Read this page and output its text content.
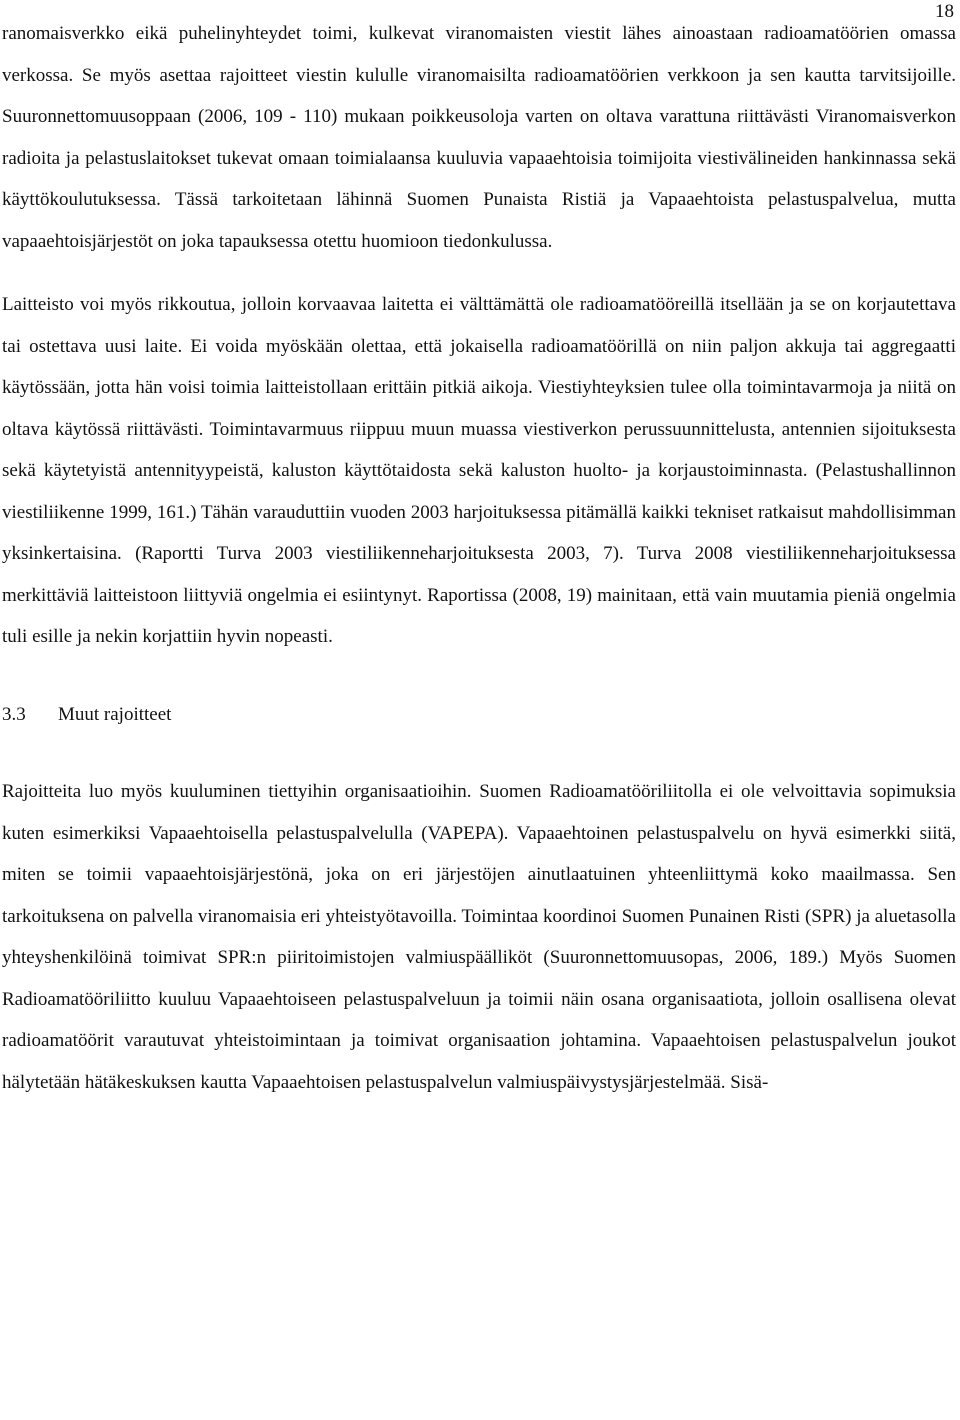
18

ranomaisverkko eikä puhelinyhteydet toimi, kulkevat viranomaisten viestit lähes ainoastaan radioamatöörien omassa verkossa. Se myös asettaa rajoitteet viestin kululle viranomaisilta radioamatöörien verkkoon ja sen kautta tarvitsijoille. Suuronnettomuusoppaan (2006, 109 - 110) mukaan poikkeusoloja varten on oltava varattuna riittävästi Viranomaisverkon radioita ja pelastuslaitokset tukevat omaan toimialaansa kuuluvia vapaaehtoisia toimijoita viestivälineiden hankinnassa sekä käyttökoulutuksessa. Tässä tarkoitetaan lähinnä Suomen Punaista Ristiä ja Vapaaehtoista pelastuspalvelua, mutta vapaaehtoisjärjestöt on joka tapauksessa otettu huomioon tiedonkulussa.

Laitteisto voi myös rikkoutua, jolloin korvaavaa laitetta ei välttämättä ole radioamatööreillä itsellään ja se on korjautettava tai ostettava uusi laite. Ei voida myöskään olettaa, että jokaisella radioamatöörillä on niin paljon akkuja tai aggregaatti käytössään, jotta hän voisi toimia laitteistollaan erittäin pitkiä aikoja. Viestiyhteyksien tulee olla toimintavarmoja ja niitä on oltava käytössä riittävästi. Toimintavarmuus riippuu muun muassa viestiverkon perussuunnittelusta, antennien sijoituksesta sekä käytetyistä antennityypeistä, kaluston käyttötaidosta sekä kaluston huolto- ja korjaustoiminnasta. (Pelastushallinnon viestiliikenne 1999, 161.) Tähän varauduttiin vuoden 2003 harjoituksessa pitämällä kaikki tekniset ratkaisut mahdollisimman yksinkertaisina. (Raportti Turva 2003 viestiliikenneharjoituksesta 2003, 7). Turva 2008 viestiliikenneharjoituksessa merkittäviä laitteistoon liittyviä ongelmia ei esiintynyt. Raportissa (2008, 19) mainitaan, että vain muutamia pieniä ongelmia tuli esille ja nekin korjattiin hyvin nopeasti.

3.3 Muut rajoitteet

Rajoitteita luo myös kuuluminen tiettyihin organisaatioihin. Suomen Radioamatööriliitolla ei ole velvoittavia sopimuksia kuten esimerkiksi Vapaaehtoisella pelastuspalvelulla (VAPEPA). Vapaaehtoinen pelastuspalvelu on hyvä esimerkki siitä, miten se toimii vapaaehtoisjärjestönä, joka on eri järjestöjen ainutlaatuinen yhteenliittymä koko maailmassa. Sen tarkoituksena on palvella viranomaisia eri yhteistyötavoilla. Toimintaa koordinoi Suomen Punainen Risti (SPR) ja aluetasolla yhteyshenkilöinä toimivat SPR:n piiritoimistojen valmiuspäälliköt (Suuronnettomuusopas, 2006, 189.) Myös Suomen Radioamatööriliitto kuuluu Vapaaehtoiseen pelastuspalveluun ja toimii näin osana organisaatiota, jolloin osallisena olevat radioamatöörit varautuvat yhteistoimintaan ja toimivat organisaation johtamina. Vapaaehtoisen pelastuspalvelun joukot hälytetään hätäkeskuksen kautta Vapaaehtoisen pelastuspalvelun valmiuspäivystysjärjestelmää. Sisä-
